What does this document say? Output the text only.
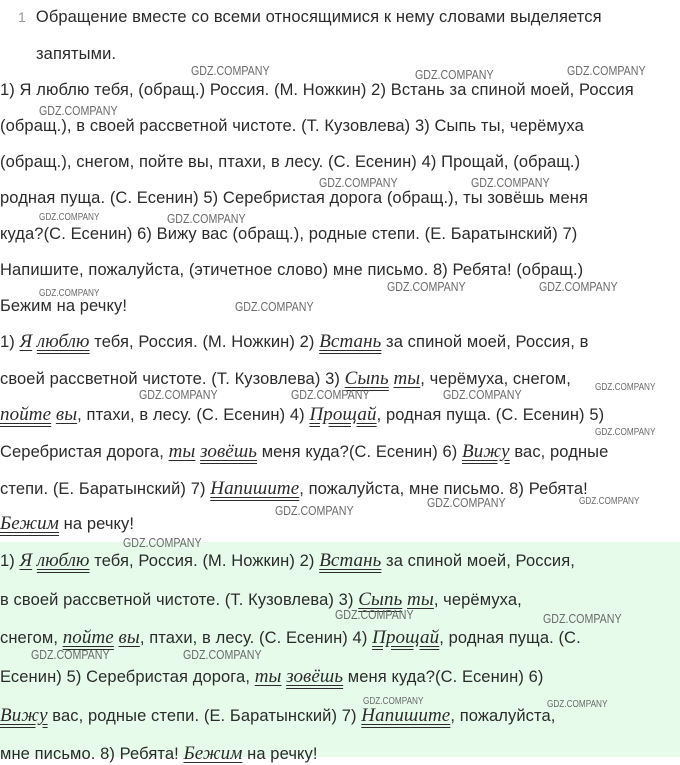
1 Обращение вместе со всеми относящимися к нему словами выделяется
запятыми.
1) Я люблю тебя, (обращ.) Россия. (М. Ножкин) 2) Встань за спиной моей, Россия
(обращ.), в своей рассветной чистоте. (Т. Кузовлева) 3) Сыпь ты, черёмуха
(обращ.), снегом, пойте вы, птахи, в лесу. (С. Есенин) 4) Прощай, (обращ.)
родная пуща. (С. Есенин) 5) Серебристая дорога (обращ.), ты зовёшь меня
куда?(С. Есенин) 6) Вижу вас (обращ.), родные степи. (Е. Баратынский) 7)
Напишите, пожалуйста, (этичетное слово) мне письмо. 8) Ребята! (обращ.)
Бежим на речку!
1) Я люблю тебя, Россия. (М. Ножкин) 2) Встань за спиной моей, Россия, в
своей рассветной чистоте. (Т. Кузовлева) 3) Сыпь ты, черёмуха, снегом,
пойте вы, птахи, в лесу. (С. Есенин) 4) Прощай, родная пуща. (С. Есенин) 5)
Серебристая дорога, ты зовёшь меня куда?(С. Есенин) 6) Вижу вас, родные
степи. (Е. Баратынский) 7) Напишите, пожалуйста, мне письмо. 8) Ребята!
Бежим на речку!
1) Я люблю тебя, Россия. (М. Ножкин) 2) Встань за спиной моей, Россия,
в своей рассветной чистоте. (Т. Кузовлева) 3) Сыпь ты, черёмуха,
снегом, пойте вы, птахи, в лесу. (С. Есенин) 4) Прощай, родная пуща. (С.
Есенин) 5) Серебристая дорога, ты зовёшь меня куда?(С. Есенин) 6)
Вижу вас, родные степи. (Е. Баратынский) 7) Напишите, пожалуйста,
мне письмо. 8) Ребята! Бежим на речку!
GDZ.COMPANY	GDZ.COMPANY	GDZ.COMPANY
GDZ.COMPANY
GDZ.COMPANY	GDZ.COMPANY
GDZ.COMPANY	GDZ.COMPANY
GDZ.COMPANY	GDZ.COMPANY
GDZ.COMPANY
GDZ.COMPANY
GDZ.COMPANY
GDZ.COMPANY	GDZ.COMPANY	GDZ.COMPANY
GDZ.COMPANY
GDZ.COMPANY	GDZ.COMPANY
GDZ.COMPANY
GDZ.COMPANY
GDZ.COMPANY	GDZ.COMPANY
GDZ.COMPANY	GDZ.COMPANY
GDZ.COMPANY	GDZ.COMPANY
